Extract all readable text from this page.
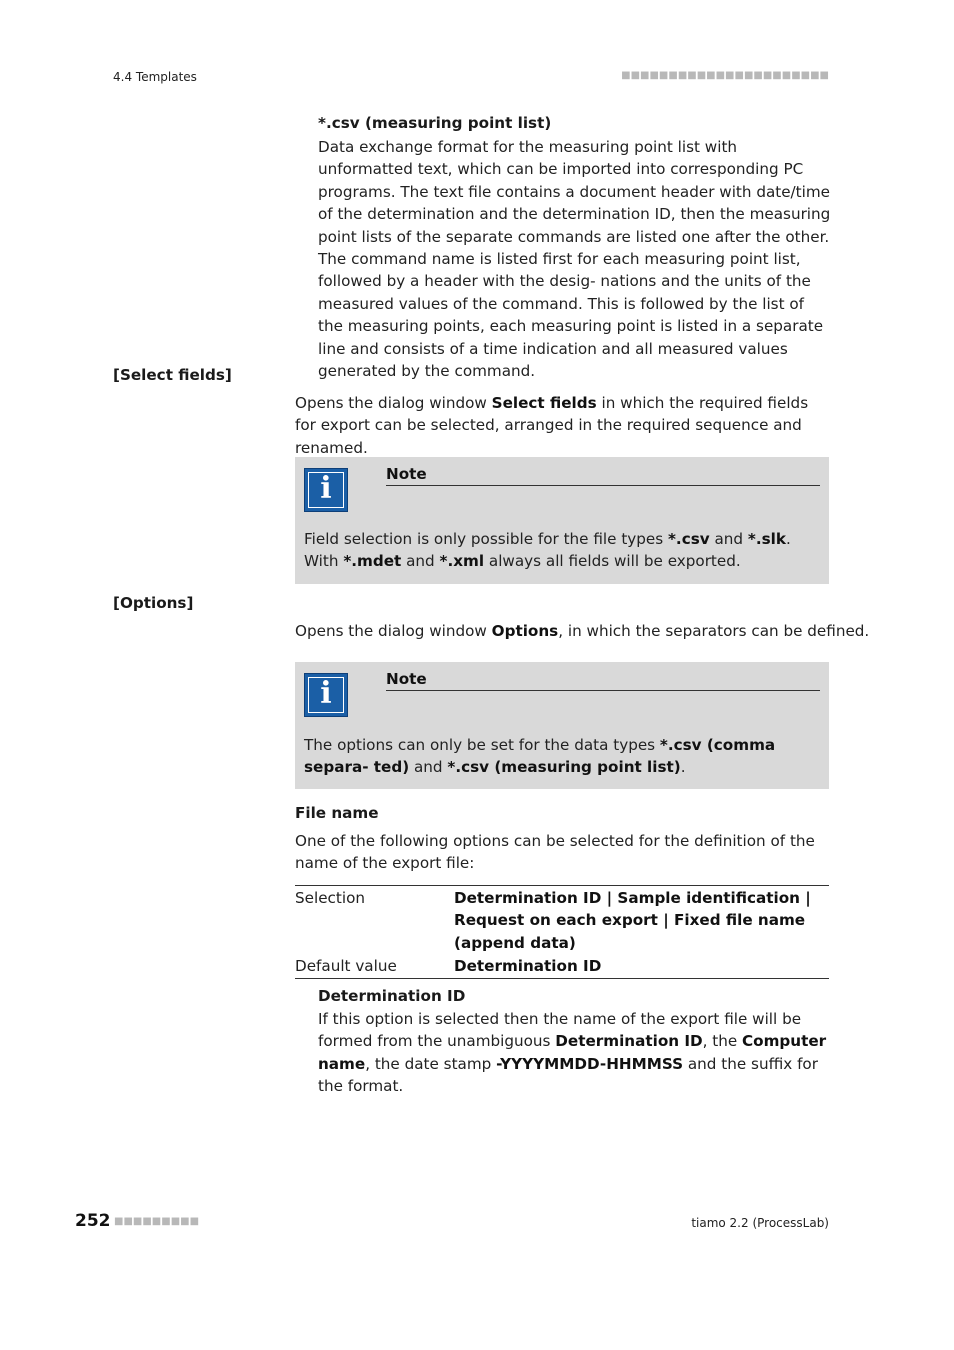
4.4 Templates	■■■■■■■■■■■■■■■■■■■■■■
*.csv (measuring point list)
Data exchange format for the measuring point list with unformatted text, which can be imported into corresponding PC programs. The text file contains a document header with date/time of the determination and the determination ID, then the measuring point lists of the separate commands are listed one after the other. The command name is listed first for each measuring point list, followed by a header with the desig- nations and the units of the measured values of the command. This is followed by the list of the measuring points, each measuring point is listed in a separate line and consists of a time indication and all measured values generated by the command.
[Select fields]
Opens the dialog window Select fields in which the required fields for export can be selected, arranged in the required sequence and renamed.
i	Note
Field selection is only possible for the file types *.csv and *.slk. With *.mdet and *.xml always all fields will be exported.
[Options]
Opens the dialog window Options, in which the separators can be defined.
i	Note
The options can only be set for the data types *.csv (comma separa- ted) and *.csv (measuring point list).
File name
One of the following options can be selected for the definition of the name of the export file:
Selection	Determination ID | Sample identification | Request on each export | Fixed file name (append data)
Default value	Determination ID
Determination ID
If this option is selected then the name of the export file will be formed from the unambiguous Determination ID, the Computer name, the date stamp -YYYYMMDD-HHMMSS and the suffix for the format.
252 ■■■■■■■■■	tiamo 2.2 (ProcessLab)
